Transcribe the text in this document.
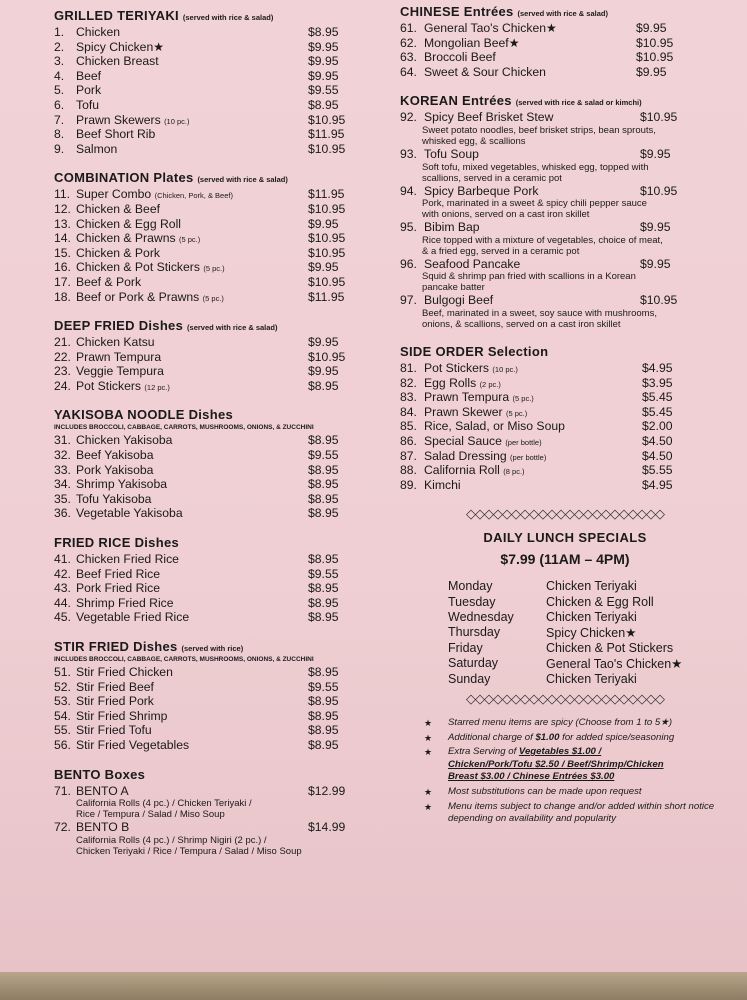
GRILLED TERIYAKI (served with rice & salad)
1. Chicken	$8.95
2. Spicy Chicken★	$9.95
3. Chicken Breast	$9.95
4. Beef	$9.95
5. Pork	$9.55
6. Tofu	$8.95
7. Prawn Skewers (10 pc.)	$10.95
8. Beef Short Rib	$11.95
9. Salmon	$10.95
COMBINATION Plates (served with rice & salad)
11. Super Combo (Chicken, Pork, & Beef)	$11.95
12. Chicken & Beef	$10.95
13. Chicken & Egg Roll	$9.95
14. Chicken & Prawns (5 pc.)	$10.95
15. Chicken & Pork	$10.95
16. Chicken & Pot Stickers (5 pc.)	$9.95
17. Beef & Pork	$10.95
18. Beef or Pork & Prawns (5 pc.)	$11.95
DEEP FRIED Dishes (served with rice & salad)
21. Chicken Katsu	$9.95
22. Prawn Tempura	$10.95
23. Veggie Tempura	$9.95
24. Pot Stickers (12 pc.)	$8.95
YAKISOBA NOODLE Dishes
INCLUDES BROCCOLI, CABBAGE, CARROTS, MUSHROOMS, ONIONS, & ZUCCHINI
31. Chicken Yakisoba	$8.95
32. Beef Yakisoba	$9.55
33. Pork Yakisoba	$8.95
34. Shrimp Yakisoba	$8.95
35. Tofu Yakisoba	$8.95
36. Vegetable Yakisoba	$8.95
FRIED RICE Dishes
41. Chicken Fried Rice	$8.95
42. Beef Fried Rice	$9.55
43. Pork Fried Rice	$8.95
44. Shrimp Fried Rice	$8.95
45. Vegetable Fried Rice	$8.95
STIR FRIED Dishes (served with rice)
INCLUDES BROCCOLI, CABBAGE, CARROTS, MUSHROOMS, ONIONS, & ZUCCHINI
51. Stir Fried Chicken	$8.95
52. Stir Fried Beef	$9.55
53. Stir Fried Pork	$8.95
54. Stir Fried Shrimp	$8.95
55. Stir Fried Tofu	$8.95
56. Stir Fried Vegetables	$8.95
BENTO Boxes
71. BENTO A	$12.99
California Rolls (4 pc.) / Chicken Teriyaki /
Rice / Tempura / Salad / Miso Soup
72. BENTO B	$14.99
California Rolls (4 pc.) / Shrimp Nigiri (2 pc.) /
Chicken Teriyaki / Rice / Tempura / Salad / Miso Soup
CHINESE Entrées (served with rice & salad)
61. General Tao's Chicken★	$9.95
62. Mongolian Beef★	$10.95
63. Broccoli Beef	$10.95
64. Sweet & Sour Chicken	$9.95
KOREAN Entrées (served with rice & salad or kimchi)
92. Spicy Beef Brisket Stew	$10.95
Sweet potato noodles, beef brisket strips, bean sprouts,
whisked egg, & scallions
93. Tofu Soup	$9.95
Soft tofu, mixed vegetables, whisked egg, topped with
scallions, served in a ceramic pot
94. Spicy Barbeque Pork	$10.95
Pork, marinated in a sweet & spicy chili pepper sauce
with onions, served on a cast iron skillet
95. Bibim Bap	$9.95
Rice topped with a mixture of vegetables, choice of meat,
& a fried egg, served in a ceramic pot
96. Seafood Pancake	$9.95
Squid & shrimp pan fried with scallions in a Korean
pancake batter
97. Bulgogi Beef	$10.95
Beef, marinated in a sweet, soy sauce with mushrooms,
onions, & scallions, served on a cast iron skillet
SIDE ORDER Selection
81. Pot Stickers (10 pc.)	$4.95
82. Egg Rolls (2 pc.)	$3.95
83. Prawn Tempura (5 pc.)	$5.45
84. Prawn Skewer (5 pc.)	$5.45
85. Rice, Salad, or Miso Soup	$2.00
86. Special Sauce (per bottle)	$4.50
87. Salad Dressing (per bottle)	$4.50
88. California Roll (8 pc.)	$5.55
89. Kimchi	$4.95
◇◇◇◇◇◇◇◇◇◇◇◇◇◇◇◇◇◇◇◇◇◇
DAILY LUNCH SPECIALS
$7.99 (11AM – 4PM)
Monday	Chicken Teriyaki
Tuesday	Chicken & Egg Roll
Wednesday	Chicken Teriyaki
Thursday	Spicy Chicken★
Friday	Chicken & Pot Stickers
Saturday	General Tao's Chicken★
Sunday	Chicken Teriyaki
◇◇◇◇◇◇◇◇◇◇◇◇◇◇◇◇◇◇◇◇◇◇
★ Starred menu items are spicy (Choose from 1 to 5★)
★ Additional charge of $1.00 for added spice/seasoning
★ Extra Serving of Vegetables $1.00 /
Chicken/Pork/Tofu $2.50 / Beef/Shrimp/Chicken
Breast $3.00 / Chinese Entrées $3.00
★ Most substitutions can be made upon request
★ Menu items subject to change and/or added within short notice depending on availability and popularity
